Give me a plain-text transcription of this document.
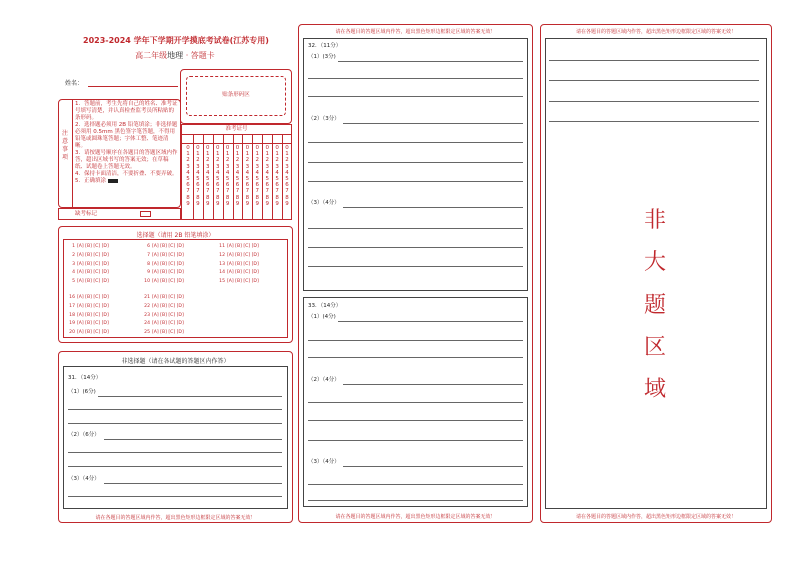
2023-2024 学年下学期开学摸底考试卷(江苏专用)
高二年级地理 · 答题卡
姓名：
贴条形码区
注意事项
1．答题前，考生先将自己的姓名、准考证号填写清楚，并认真检查监考员所粘贴的条形码。
2．选择题必须用 2B 铅笔填涂；非选择题必须用 0.5mm 黑色签字笔答题，不得用铅笔或圆珠笔答题；字体工整、笔迹清晰。
3．请按题号顺序在各题目的答题区域内作答，超出区域书写的答案无效；在草稿纸、试题卷上答题无效。
4．保持卡面清洁，不要折叠、不要弄破。
5．正确填涂
缺考标记
准考证号
0
1
2
3
4
5
6
7
8
9
0
1
2
3
4
5
6
7
8
9
0
1
2
3
4
5
6
7
8
9
0
1
2
3
4
5
6
7
8
9
0
1
2
3
4
5
6
7
8
9
0
1
2
3
4
5
6
7
8
9
0
1
2
3
4
5
6
7
8
9
0
1
2
3
4
5
6
7
8
9
0
1
2
3
4
5
6
7
8
9
0
1
2
3
4
5
6
7
8
9
0
1
2
3
4
5
6
7
8
9
选择题（请用 2B 铅笔填涂）
1 [A] [B] [C] [D]
2 [A] [B] [C] [D]
3 [A] [B] [C] [D]
4 [A] [B] [C] [D]
5 [A] [B] [C] [D]
6 [A] [B] [C] [D]
7 [A] [B] [C] [D]
8 [A] [B] [C] [D]
9 [A] [B] [C] [D]
10 [A] [B] [C] [D]
11 [A] [B] [C] [D]
12 [A] [B] [C] [D]
13 [A] [B] [C] [D]
14 [A] [B] [C] [D]
15 [A] [B] [C] [D]
16 [A] [B] [C] [D]
17 [A] [B] [C] [D]
18 [A] [B] [C] [D]
19 [A] [B] [C] [D]
20 [A] [B] [C] [D]
21 [A] [B] [C] [D]
22 [A] [B] [C] [D]
23 [A] [B] [C] [D]
24 [A] [B] [C] [D]
25 [A] [B] [C] [D]
非选择题（请在各试题的答题区内作答）
31．（14分）
（1）(6分)
（2）（6分）
（3）（4分）
请在各题目的答题区域内作答，超出黑色矩形边框限定区域的答案无效！
请在各题目的答题区域内作答，超出黑色矩形边框限定区域的答案无效！
32．（11分）
（1）(3分)
（2）（3分）
（3）（4分）
33．（14分）
（1）(4分)
（2）（4分）
（3）（4分）
请在各题目的答题区域内作答，超出黑色矩形边框限定区域的答案无效！
请在各题目的答题区域内作答，超出黑色矩形边框限定区域的答案无效！
非
大
题
区
域
请在各题目的答题区域内作答，超出黑色矩形边框限定区域的答案无效！
